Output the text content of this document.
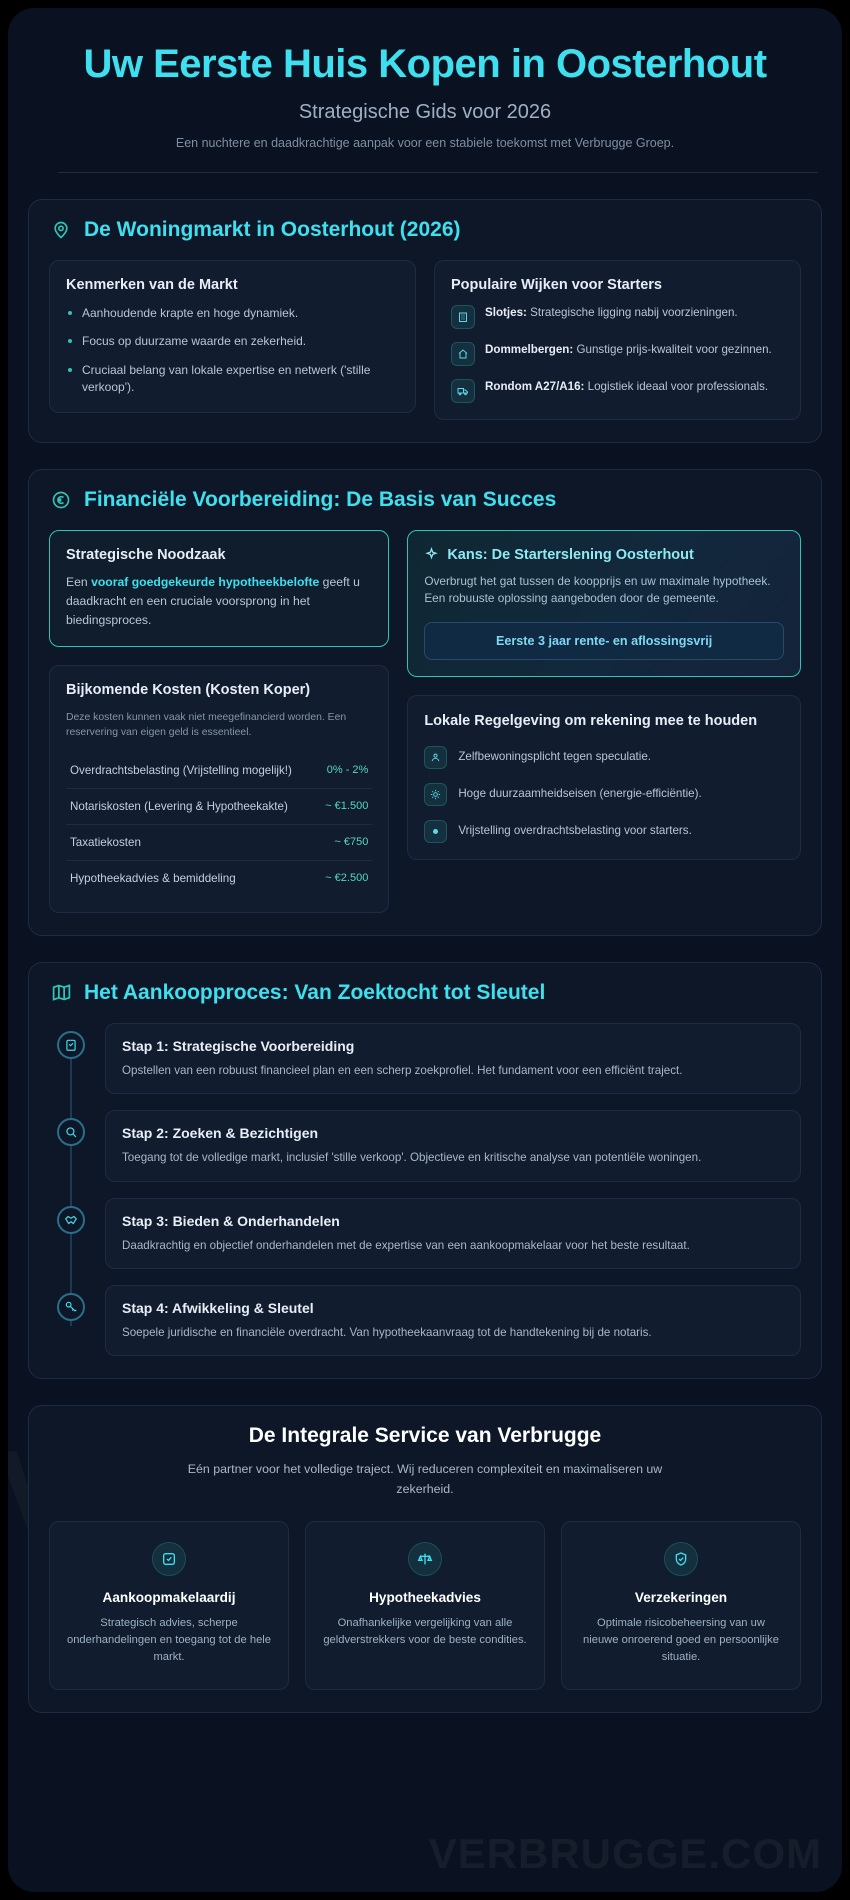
VERBRUGGE.COM
Uw Eerste Huis Kopen in Oosterhout
Strategische Gids voor 2026
Een nuchtere en daadkrachtige aanpak voor een stabiele toekomst met Verbrugge Groep.
De Woningmarkt in Oosterhout (2026)
Kenmerken van de Markt
Aanhoudende krapte en hoge dynamiek.
Focus op duurzame waarde en zekerheid.
Cruciaal belang van lokale expertise en netwerk ('stille verkoop').
Populaire Wijken voor Starters
Slotjes: Strategische ligging nabij voorzieningen.
Dommelbergen: Gunstige prijs-kwaliteit voor gezinnen.
Rondom A27/A16: Logistiek ideaal voor professionals.
Financiële Voorbereiding: De Basis van Succes
Strategische Noodzaak

Een vooraf goedgekeurde hypotheekbelofte geeft u daadkracht en een cruciale voorsprong in het biedingsproces.

Bijkomende Kosten (Kosten Koper)
Deze kosten kunnen vaak niet meegefinancierd worden. Een reservering van eigen geld is essentieel.
Overdrachtsbelasting (Vrijstelling mogelijk!)	0% - 2%
Notariskosten (Levering & Hypotheekakte)	~ €1.500
Taxatiekosten	~ €750
Hypotheekadvies & bemiddeling	~ €2.500
Kans: De Starterslening Oosterhout

Overbrugt het gat tussen de koopprijs en uw maximale hypotheek. Een robuuste oplossing aangeboden door de gemeente.

Eerste 3 jaar rente- en aflossingsvrij
Lokale Regelgeving om rekening mee te houden
Zelfbewoningsplicht tegen speculatie.
Hoge duurzaamheidseisen (energie-efficiëntie).
Vrijstelling overdrachtsbelasting voor starters.
Het Aankoopproces: Van Zoektocht tot Sleutel
Stap 1: Strategische Voorbereiding

Opstellen van een robuust financieel plan en een scherp zoekprofiel. Het fundament voor een efficiënt traject.

Stap 2: Zoeken & Bezichtigen

Toegang tot de volledige markt, inclusief 'stille verkoop'. Objectieve en kritische analyse van potentiële woningen.

Stap 3: Bieden & Onderhandelen

Daadkrachtig en objectief onderhandelen met de expertise van een aankoopmakelaar voor het beste resultaat.

Stap 4: Afwikkeling & Sleutel

Soepele juridische en financiële overdracht. Van hypotheekaanvraag tot de handtekening bij de notaris.

De Integrale Service van Verbrugge
Eén partner voor het volledige traject. Wij reduceren complexiteit en maximaliseren uw zekerheid.
Aankoopmakelaardij

Strategisch advies, scherpe onderhandelingen en toegang tot de hele markt.

Hypotheekadvies

Onafhankelijke vergelijking van alle geldverstrekkers voor de beste condities.

Verzekeringen

Optimale risicobeheersing van uw nieuwe onroerend goed en persoonlijke situatie.
